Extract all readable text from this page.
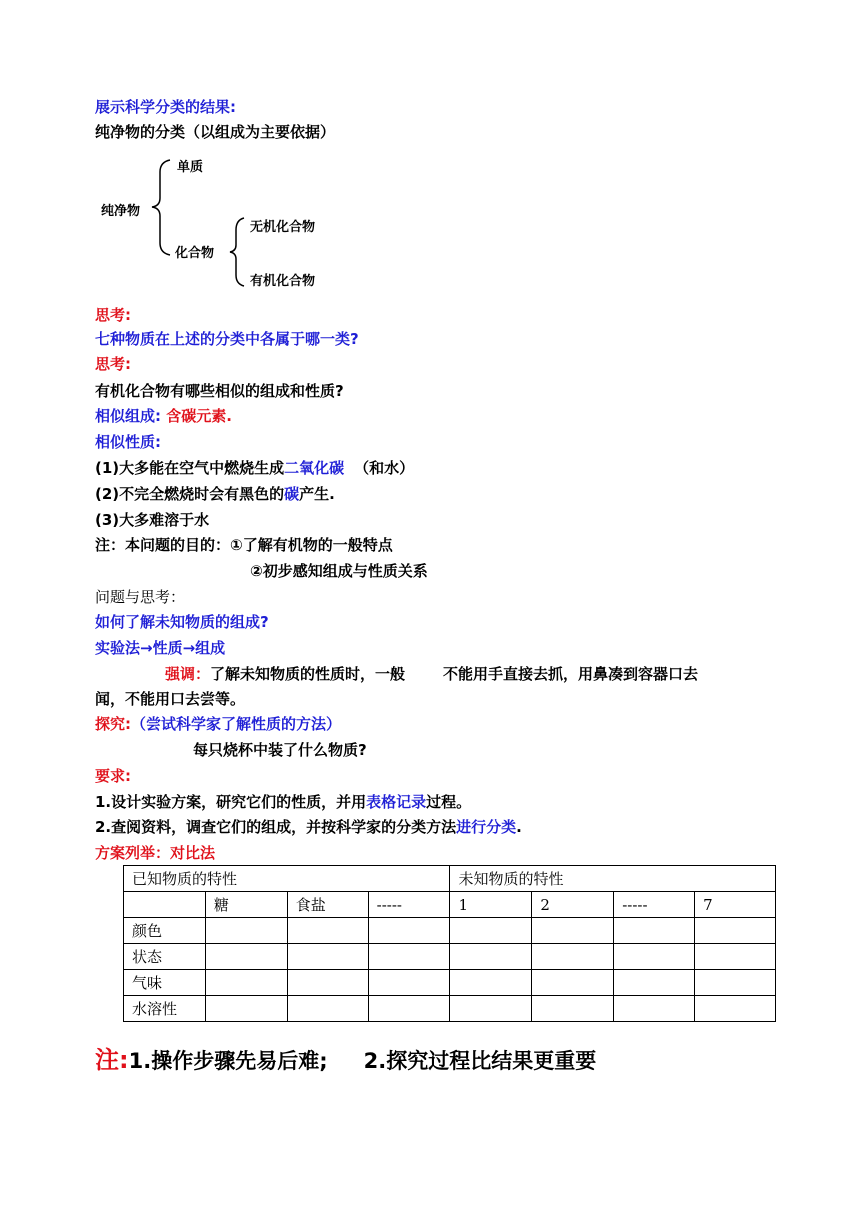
展示科学分类的结果:
纯净物的分类（以组成为主要依据）
纯净物
单质
化合物
无机化合物
有机化合物
思考:
七种物质在上述的分类中各属于哪一类?
思考:
有机化合物有哪些相似的组成和性质?
相似组成: 含碳元素.
相似性质:
(1)大多能在空气中燃烧生成二氧化碳 （和水）
(2)不完全燃烧时会有黑色的碳产生.
(3)大多难溶于水
注：本问题的目的：①了解有机物的一般特点
②初步感知组成与性质关系
问题与思考：
如何了解未知物质的组成?
实验法→性质→组成
强调：了解未知物质的性质时，一般	不能用手直接去抓，用鼻凑到容器口去
闻，不能用口去尝等。
探究:（尝试科学家了解性质的方法）
每只烧杯中装了什么物质?
要求:
1.设计实验方案，研究它们的性质，并用表格记录过程。
2.查阅资料，调查它们的组成，并按科学家的分类方法进行分类.
方案列举：对比法
已知物质的特性				未知物质的特性			
	糖	食盐	-----	1	2	-----	7
颜色							
状态							
气味							
水溶性							
注:1.操作步骤先易后难; 2.探究过程比结果更重要
